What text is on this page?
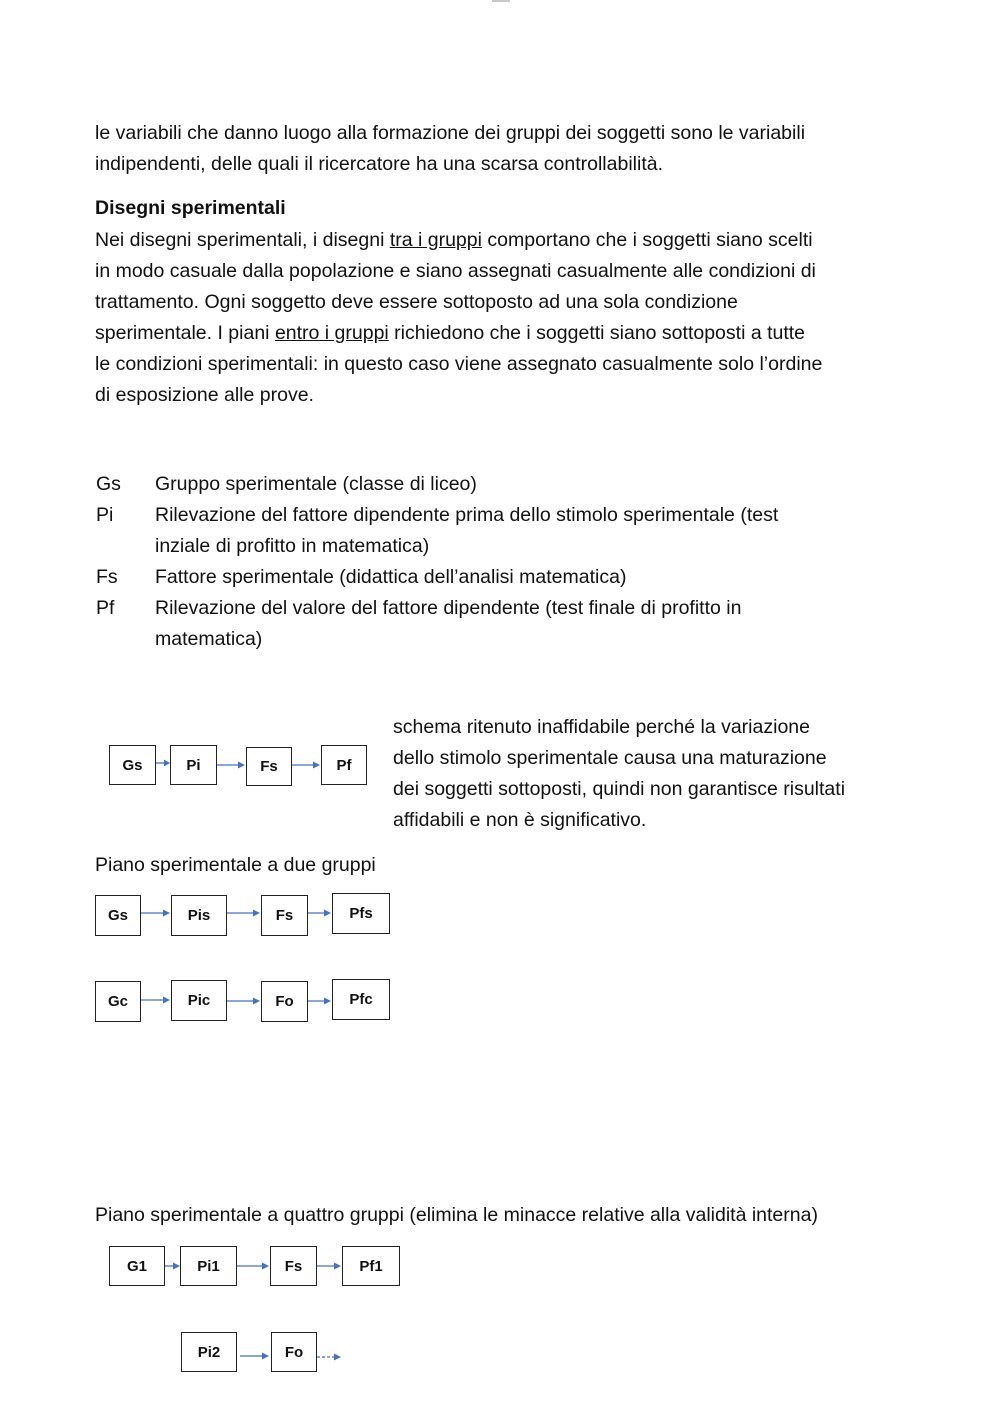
le variabili che danno luogo alla formazione dei gruppi dei soggetti sono le variabili
indipendenti, delle quali il ricercatore ha una scarsa controllabilità.
Disegni sperimentali
Nei disegni sperimentali, i disegni tra i gruppi comportano che i soggetti siano scelti
in modo casuale dalla popolazione e siano assegnati casualmente alle condizioni di
trattamento. Ogni soggetto deve essere sottoposto ad una sola condizione
sperimentale. I piani entro i gruppi richiedono che i soggetti siano sottoposti a tutte
le condizioni sperimentali: in questo caso viene assegnato casualmente solo l’ordine
di esposizione alle prove.
Gs Gruppo sperimentale (classe di liceo)
Pi Rilevazione del fattore dipendente prima dello stimolo sperimentale (test
inziale di profitto in matematica)
Fs Fattore sperimentale (didattica dell’analisi matematica)
Pf Rilevazione del valore del fattore dipendente (test finale di profitto in
matematica)
Gs	Pi	Fs	Pf
schema ritenuto inaffidabile perché la variazione
dello stimolo sperimentale causa una maturazione
dei soggetti sottoposti, quindi non garantisce risultati
affidabili e non è significativo.
Piano sperimentale a due gruppi
Gs	Pis	Fs	Pfs
Gc	Pic	Fo	Pfc
Piano sperimentale a quattro gruppi (elimina le minacce relative alla validità interna)
G1	Pi1	Fs	Pf1
Pi2	Fo
